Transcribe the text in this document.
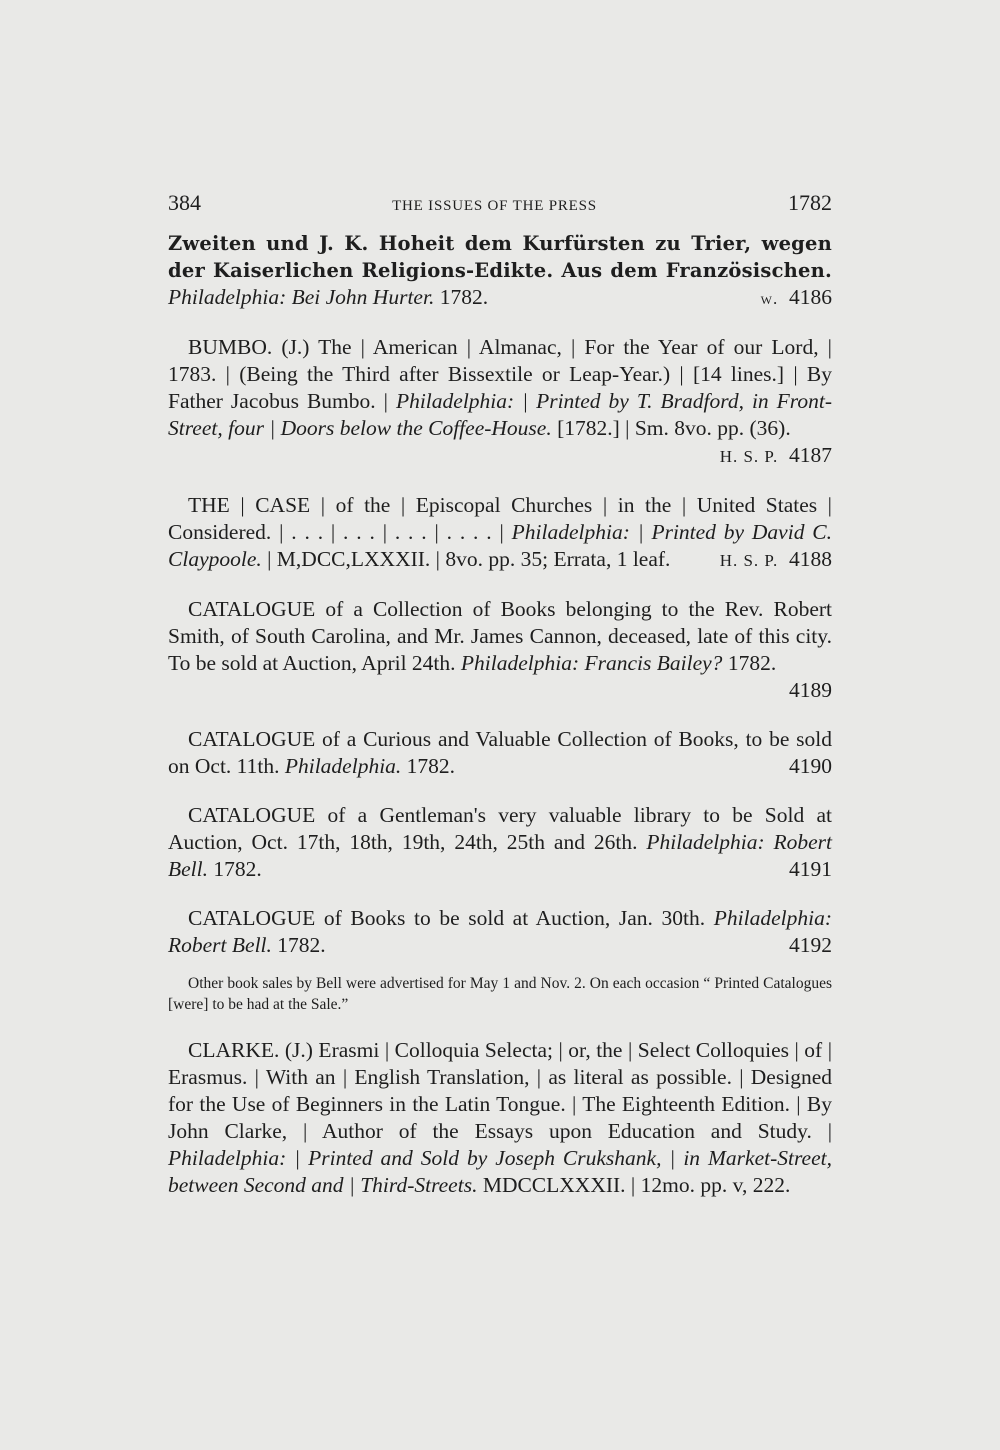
384	THE ISSUES OF THE PRESS	1782
Zweiten und J. K. Hoheit dem Kurfürsten zu Trier, wegen der Kaiserlichen Religions-Edikte. Aus dem Französischen. Philadelphia: Bei John Hurter. 1782.	w. 4186
BUMBO. (J.) The | American | Almanac, | For the Year of our Lord, | 1783. | (Being the Third after Bissextile or Leap-Year.) | [14 lines.] | By Father Jacobus Bumbo. | Philadelphia: | Printed by T. Bradford, in Front-Street, four | Doors below the Coffee-House. [1782.] | Sm. 8vo. pp. (36).
H. S. P. 4187
THE | CASE | of the | Episcopal Churches | in the | United States | Considered. | . . . | . . . | . . . | . . . . | Philadelphia: | Printed by David C. Claypoole. | M,DCC,LXXXII. | 8vo. pp. 35; Errata, 1 leaf.	H. S. P. 4188
CATALOGUE of a Collection of Books belonging to the Rev. Robert Smith, of South Carolina, and Mr. James Cannon, deceased, late of this city. To be sold at Auction, April 24th. Philadelphia: Francis Bailey? 1782.
4189
CATALOGUE of a Curious and Valuable Collection of Books, to be sold on Oct. 11th. Philadelphia. 1782.	4190
CATALOGUE of a Gentleman's very valuable library to be Sold at Auction, Oct. 17th, 18th, 19th, 24th, 25th and 26th. Philadelphia: Robert Bell. 1782.	4191
CATALOGUE of Books to be sold at Auction, Jan. 30th. Philadelphia: Robert Bell. 1782.	4192
Other book sales by Bell were advertised for May 1 and Nov. 2. On each occasion “ Printed Catalogues [were] to be had at the Sale.”
CLARKE. (J.) Erasmi | Colloquia Selecta; | or, the | Select Colloquies | of | Erasmus. | With an | English Translation, | as literal as possible. | Designed for the Use of Beginners in the Latin Tongue. | The Eighteenth Edition. | By John Clarke, | Author of the Essays upon Education and Study. | Philadelphia: | Printed and Sold by Joseph Crukshank, | in Market-Street, between Second and | Third-Streets. MDCCLXXXII. | 12mo. pp. v, 222.
